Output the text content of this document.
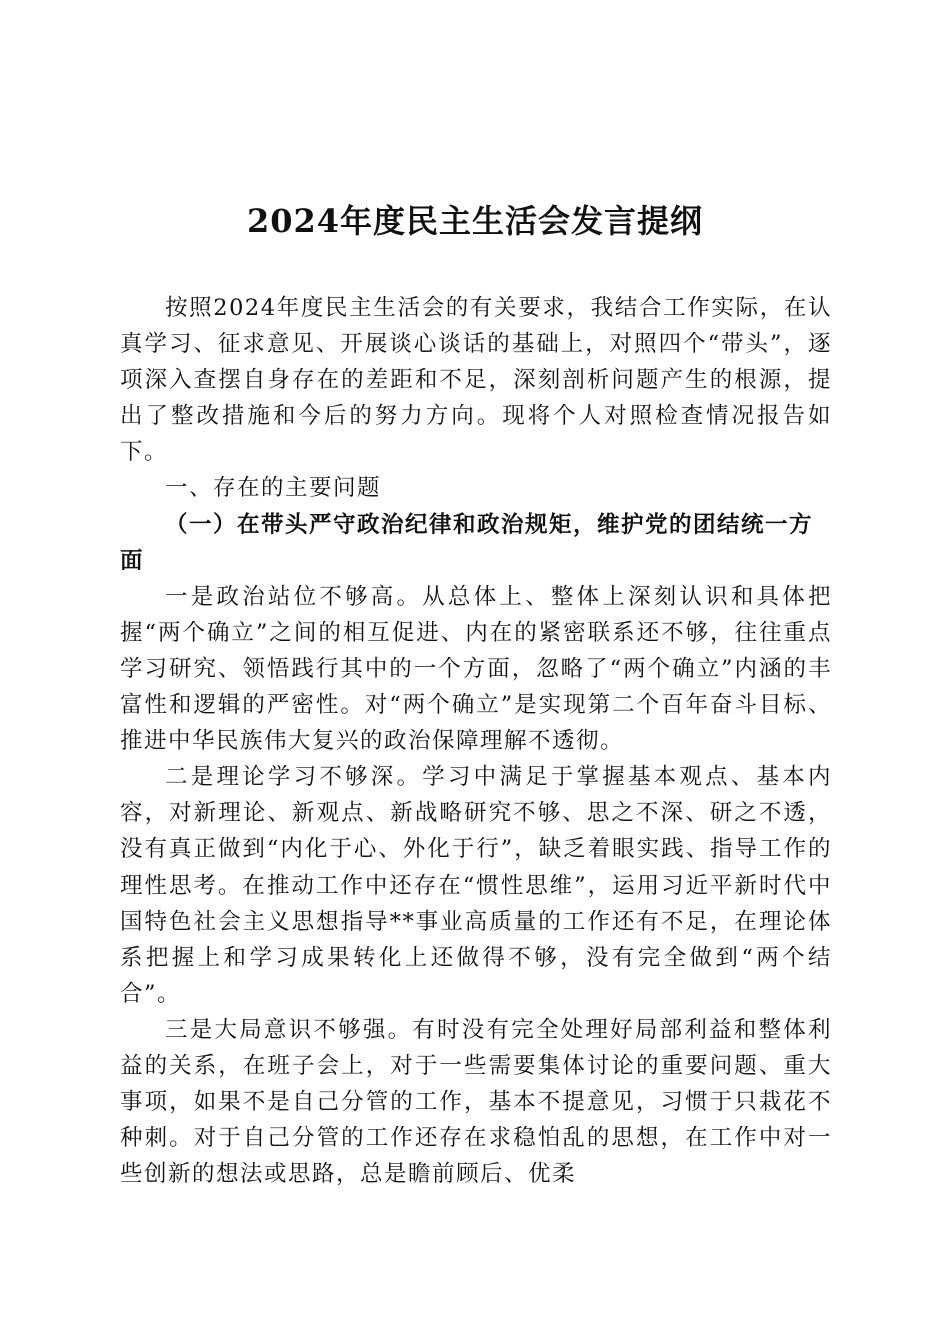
2024年度民主生活会发言提纲

按照2024年度民主生活会的有关要求，我结合工作实际，在认真学习、征求意见、开展谈心谈话的基础上，对照四个“带头”，逐项深入查摆自身存在的差距和不足，深刻剖析问题产生的根源，提出了整改措施和今后的努力方向。现将个人对照检查情况报告如下。

一、存在的主要问题

（一）在带头严守政治纪律和政治规矩，维护党的团结统一方面

一是政治站位不够高。从总体上、整体上深刻认识和具体把握“两个确立”之间的相互促进、内在的紧密联系还不够，往往重点学习研究、领悟践行其中的一个方面，忽略了“两个确立”内涵的丰富性和逻辑的严密性。对“两个确立”是实现第二个百年奋斗目标、推进中华民族伟大复兴的政治保障理解不透彻。

二是理论学习不够深。学习中满足于掌握基本观点、基本内容，对新理论、新观点、新战略研究不够、思之不深、研之不透，没有真正做到“内化于心、外化于行”，缺乏着眼实践、指导工作的理性思考。在推动工作中还存在“惯性思维”，运用习近平新时代中国特色社会主义思想指导**事业高质量的工作还有不足，在理论体系把握上和学习成果转化上还做得不够，没有完全做到“两个结合”。

三是大局意识不够强。有时没有完全处理好局部利益和整体利益的关系，在班子会上，对于一些需要集体讨论的重要问题、重大事项，如果不是自己分管的工作，基本不提意见，习惯于只栽花不种刺。对于自己分管的工作还存在求稳怕乱的思想，在工作中对一些创新的想法或思路，总是瞻前顾后、优柔
